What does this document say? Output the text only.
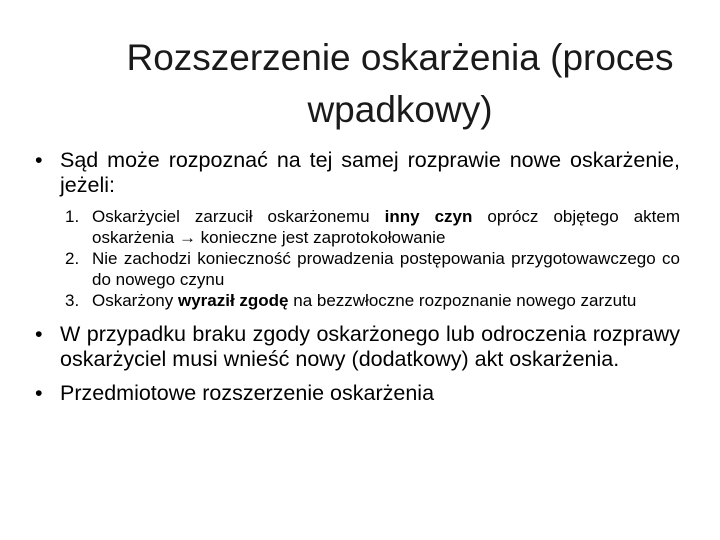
Rozszerzenie oskarżenia (proces wpadkowy)
• Sąd może rozpoznać na tej samej rozprawie nowe oskarżenie, jeżeli:
1. Oskarżyciel zarzucił oskarżonemu inny czyn oprócz objętego aktem oskarżenia → konieczne jest zaprotokołowanie
2. Nie zachodzi konieczność prowadzenia postępowania przygotowawczego co do nowego czynu
3. Oskarżony wyraził zgodę na bezzwłoczne rozpoznanie nowego zarzutu
• W przypadku braku zgody oskarżonego lub odroczenia rozprawy oskarżyciel musi wnieść nowy (dodatkowy) akt oskarżenia.
• Przedmiotowe rozszerzenie oskarżenia
